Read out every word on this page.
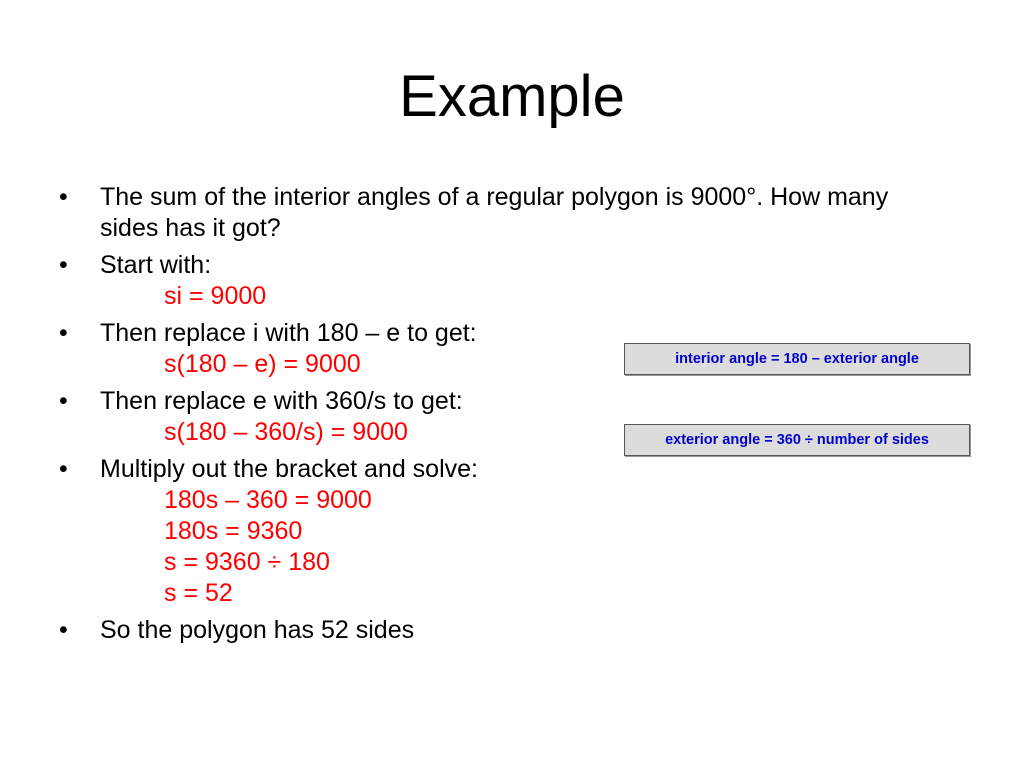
Example
•	The sum of the interior angles of a regular polygon is 9000°. How many sides has it got?
•	Start with:
si = 9000
•	Then replace i with 180 – e to get:
s(180 – e) = 9000
•	Then replace e with 360/s to get:
s(180 – 360/s) = 9000
•	Multiply out the bracket and solve:
180s – 360 = 9000
180s = 9360
s = 9360 ÷ 180
s = 52
•	So the polygon has 52 sides
interior angle = 180 – exterior angle
exterior angle = 360 ÷ number of sides
